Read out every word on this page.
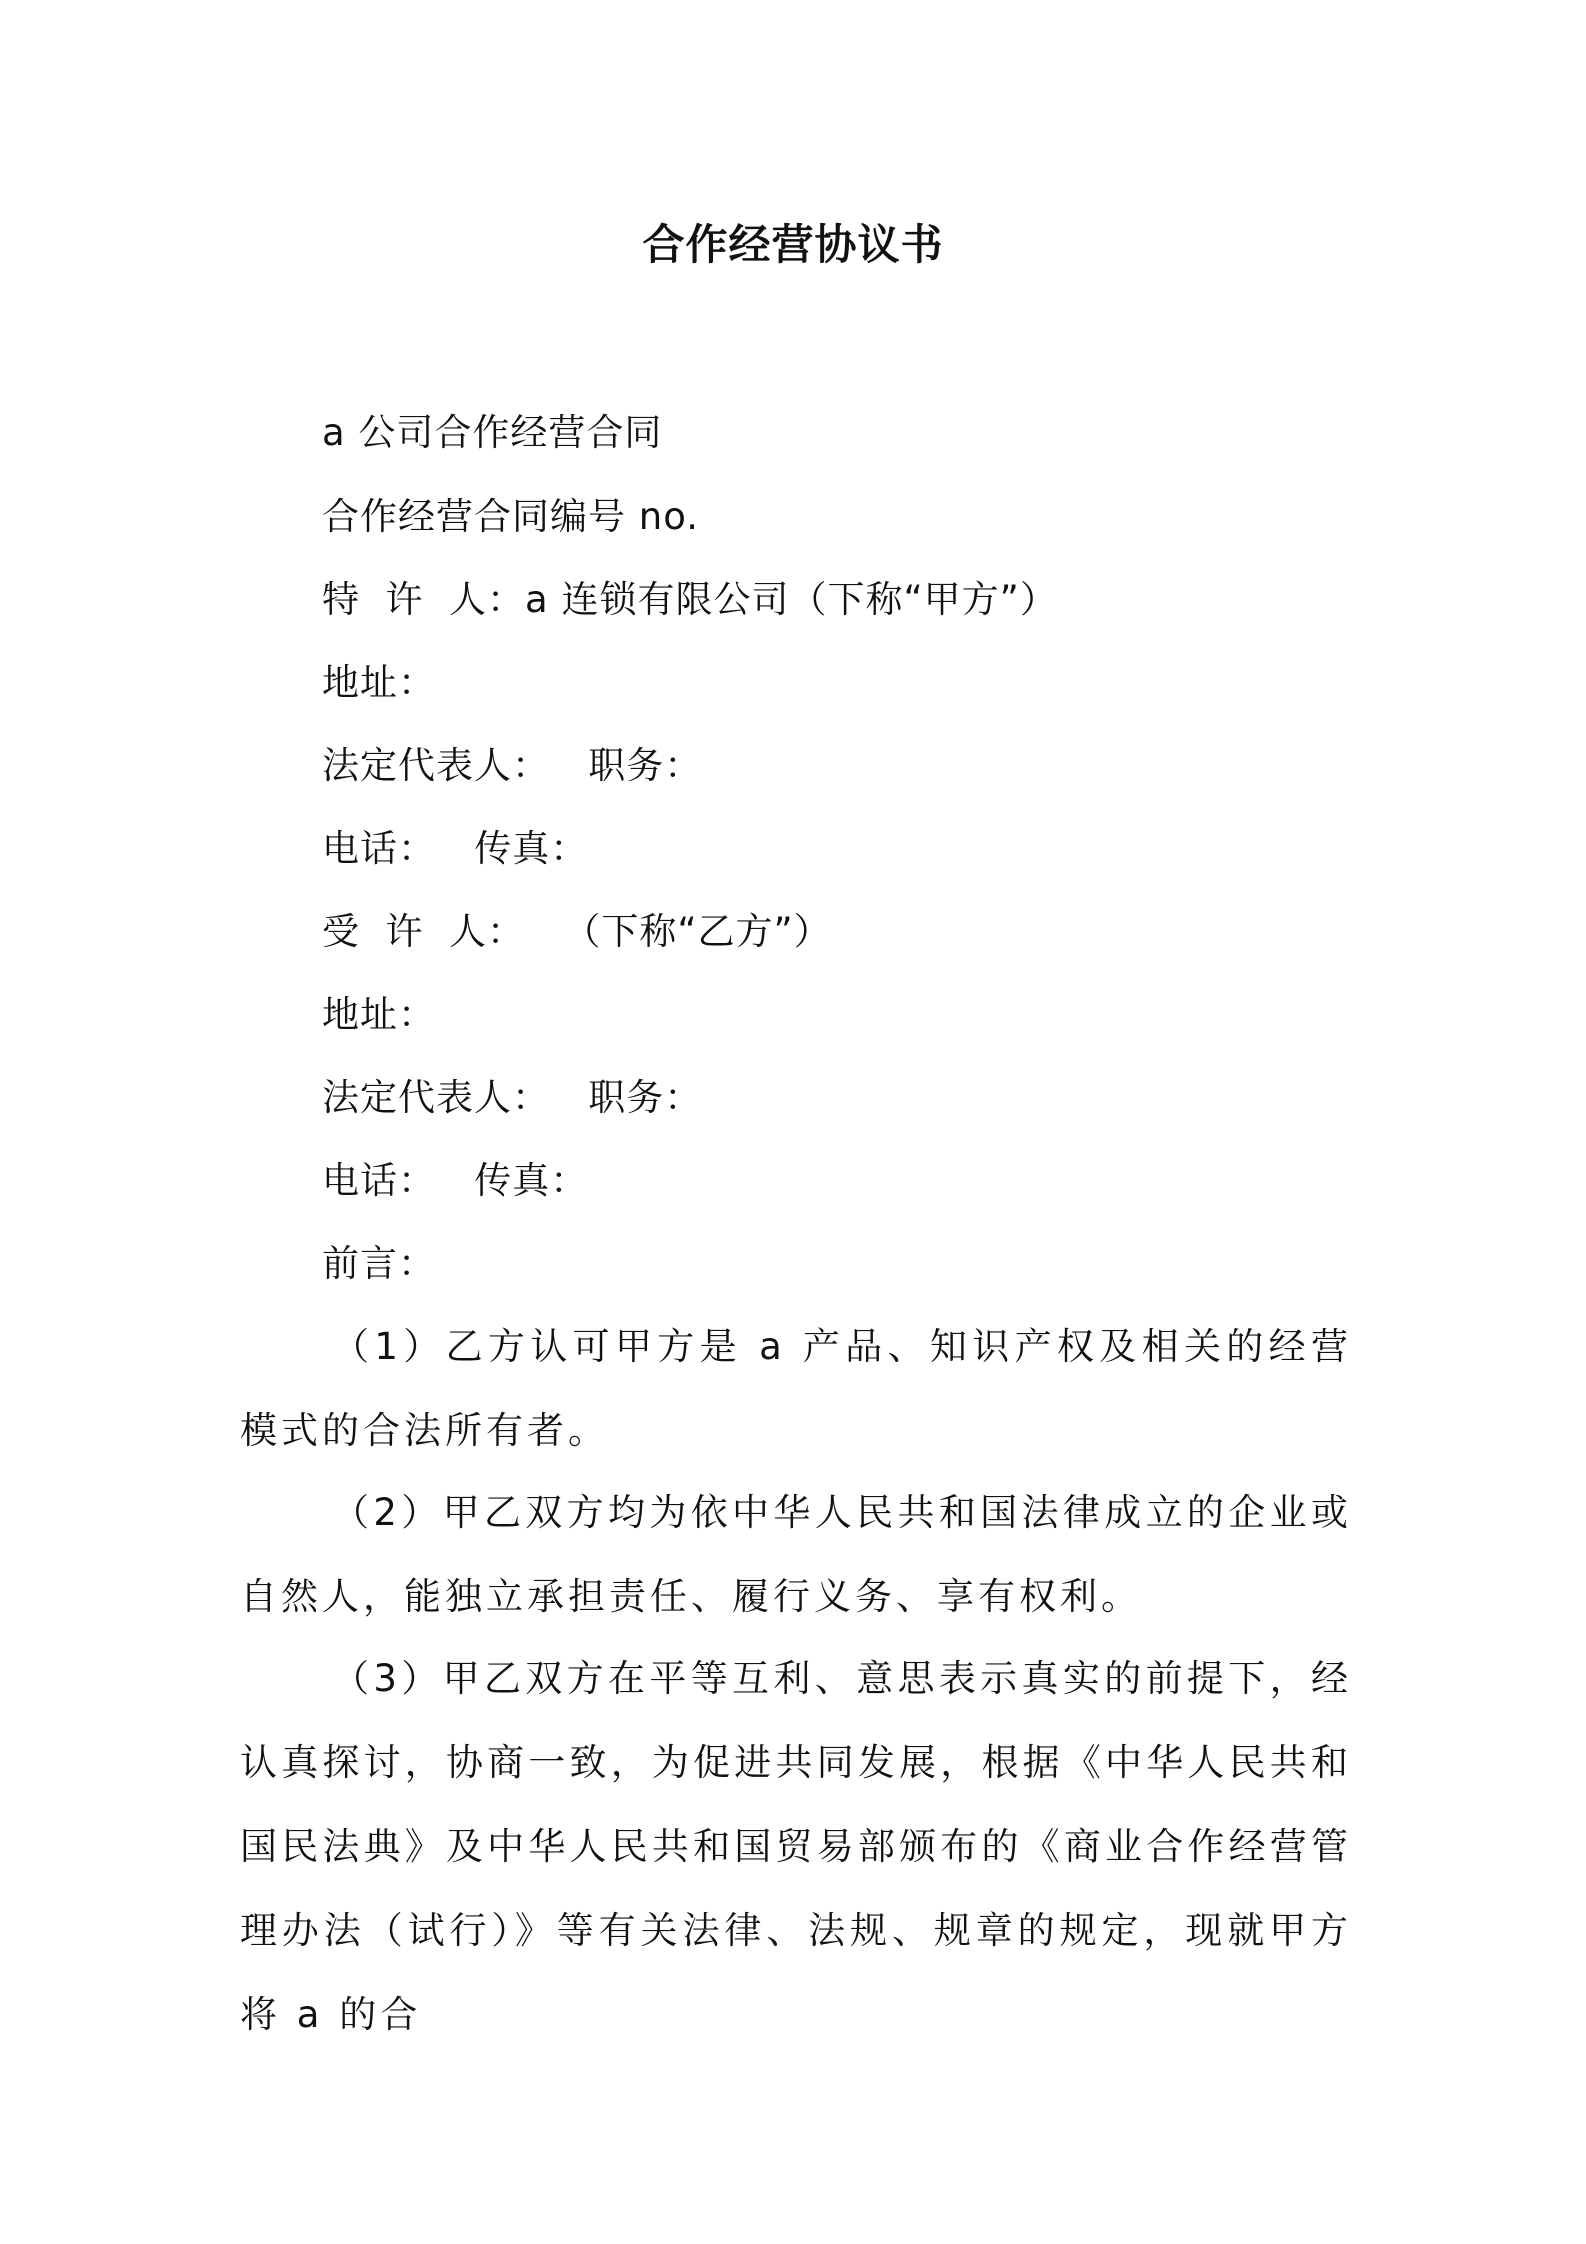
合作经营协议书
a 公司合作经营合同
合作经营合同编号 no.
特  许  人：a 连锁有限公司（下称“甲方”）
地址：
法定代表人：   职务：
电话：   传真：
受  许  人：   （下称“乙方”）
地址：
法定代表人：   职务：
电话：   传真：
前言：
（1）乙方认可甲方是 a 产品、知识产权及相关的经营模式的合法所有者。
（2）甲乙双方均为依中华人民共和国法律成立的企业或自然人，能独立承担责任、履行义务、享有权利。
（3）甲乙双方在平等互利、意思表示真实的前提下，经认真探讨，协商一致，为促进共同发展，根据《中华人民共和国民法典》及中华人民共和国贸易部颁布的《商业合作经营管理办法（试行）》等有关法律、法规、规章的规定，现就甲方将 a 的合
